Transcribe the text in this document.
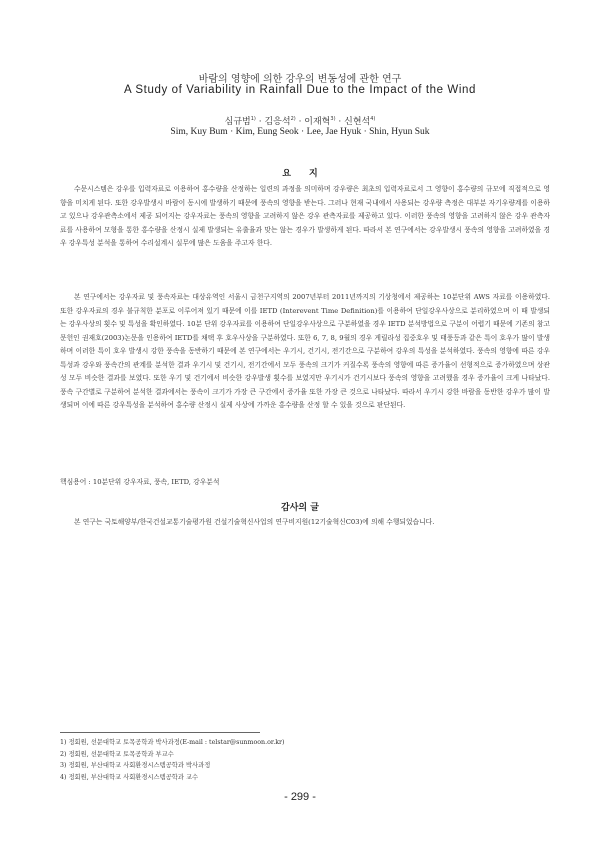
바람의 영향에 의한 강우의 변동성에 관한 연구
A Study of Variability in Rainfall Due to the Impact of the Wind
심규범$^{1)}$ · 김응석$^{2)}$ · 이재혁$^{3)}$ · 신현석$^{4)}$
Sim, Kuy Bum · Kim, Eung Seok · Lee, Jae Hyuk · Shin, Hyun Suk
요지

수문시스템은 강우를 입력자료로 이용하여 홍수량을 산정하는 일련의 과정을 의미하며 강우량은 최초의 입력자료로서 그 영향이 홍수량의 규모에 직접적으로 영향을 미치게 된다. 또한 강우발생시 바람이 동시에 발생하기 때문에 풍속의 영향을 받는다. 그러나 현재 국내에서 사용되는 강우량 측정은 대부분 자기우량계를 이용하고 있으나 강우관측소에서 제공 되어지는 강우자료는 풍속의 영향을 고려하지 않은 강우 관측자료를 제공하고 있다. 이러한 풍속의 영향을 고려하지 않은 강우 관측자료를 사용하여 모형을 통한 홍수량을 산정시 실제 발생되는 유출율과 맞는 않는 경우가 발생하게 된다. 따라서 본 연구에서는 강우발생시 풍속의 영향을 고려하였을 경우 강우특성 분석을 통하여 수리설계시 실무에 많은 도움을 주고자 한다.

본 연구에서는 강우자료 및 풍속자료는 대상유역인 서울시 금천구지역의 2007년부터 2011년까지의 기상청에서 제공하는 10분단위 AWS 자료를 이용하였다. 또한 강우자료의 경우 불규칙한 분포로 이루어져 있기 때문에 이를 IETD (Interevent Time Definition)를 이용하여 단일강우사상으로 분리하였으며 이 때 발생되는 강우사상의 횟수 및 특성을 확인하였다. 10분 단위 강우자료를 이용하여 단일강우사상으로 구분하였을 경우 IETD 분석방법으로 구분이 어렵기 때문에 기존의 참고문헌인 권재호(2003)논문을 인용하여 IETD를 채택 후 호우사상을 구분하였다. 또한 6, 7, 8, 9월의 경우 게릴라성 집중호우 및 태풍등과 같은 특이 호우가 많이 발생하며 이러한 특이 호우 발생시 강한 풍속을 동반하기 때문에 본 연구에서는 우기시, 건기시, 전기간으로 구분하여 강우의 특성을 분석하였다. 풍속의 영향에 따른 강우특성과 강우와 풍속간의 관계를 분석한 결과 우기시 및 건기시, 전기간에서 모두 풍속의 크기가 커질수록 풍속의 영향에 따른 증가율이 선형적으로 증가하였으며 상관성 모두 비슷한 결과를 보였다. 또한 우기 및 건기에서 비슷한 강우발생 횟수를 보였지만 우기시가 건기시보다 풍속의 영향을 고려했을 경우 증가율이 크게 나타났다. 풍속 구간별로 구분하여 분석한 결과에서는 풍속이 크기가 가장 큰 구간에서 증가율 또한 가장 큰 것으로 나타났다. 따라서 우기시 강한 바람을 동반한 강우가 많이 발생되며 이에 따른 강우특성을 분석하여 홍수량 산정시 실제 사상에 가까운 홍수량을 산정 할 수 있을 것으로 판단된다.

핵심용어 : 10분단위 강우자료, 풍속, IETD, 강우분석
감사의 글

본 연구는 국토해양부/한국건설교통기술평가원 건설기술혁신사업의 연구비지원(12기술혁신C03)에 의해 수행되었습니다.

1) 정회원, 선문대학교 토목공학과 박사과정(E-mail : telstar@sunmoon.or.kr)
2) 정회원, 선문대학교 토목공학과 부교수
3) 정회원, 부산대학교 사회환경시스템공학과 박사과정
4) 정회원, 부산대학교 사회환경시스템공학과 교수
- 299 -
